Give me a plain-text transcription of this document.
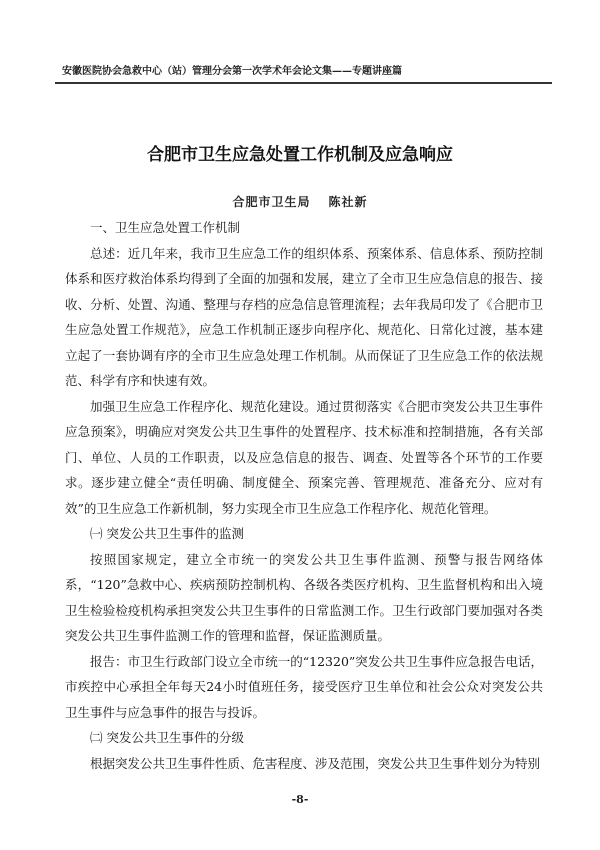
安徽医院协会急救中心（站）管理分会第一次学术年会论文集——专题讲座篇
合肥市卫生应急处置工作机制及应急响应
合肥市卫生局 陈社新

一、卫生应急处置工作机制

总述：近几年来，我市卫生应急工作的组织体系、预案体系、信息体系、预防控制体系和医疗救治体系均得到了全面的加强和发展，建立了全市卫生应急信息的报告、接收、分析、处置、沟通、整理与存档的应急信息管理流程；去年我局印发了《合肥市卫生应急处置工作规范》，应急工作机制正逐步向程序化、规范化、日常化过渡，基本建立起了一套协调有序的全市卫生应急处理工作机制。从而保证了卫生应急工作的依法规范、科学有序和快速有效。

加强卫生应急工作程序化、规范化建设。通过贯彻落实《合肥市突发公共卫生事件应急预案》，明确应对突发公共卫生事件的处置程序、技术标准和控制措施，各有关部门、单位、人员的工作职责，以及应急信息的报告、调查、处置等各个环节的工作要求。逐步建立健全“责任明确、制度健全、预案完善、管理规范、准备充分、应对有效”的卫生应急工作新机制，努力实现全市卫生应急工作程序化、规范化管理。

㈠ 突发公共卫生事件的监测

按照国家规定，建立全市统一的突发公共卫生事件监测、预警与报告网络体系，“120”急救中心、疾病预防控制机构、各级各类医疗机构、卫生监督机构和出入境卫生检验检疫机构承担突发公共卫生事件的日常监测工作。卫生行政部门要加强对各类突发公共卫生事件监测工作的管理和监督，保证监测质量。

报告：市卫生行政部门设立全市统一的“12320”突发公共卫生事件应急报告电话，市疾控中心承担全年每天24小时值班任务，接受医疗卫生单位和社会公众对突发公共卫生事件与应急事件的报告与投诉。

㈡ 突发公共卫生事件的分级

根据突发公共卫生事件性质、危害程度、涉及范围，突发公共卫生事件划分为特别

-8-
